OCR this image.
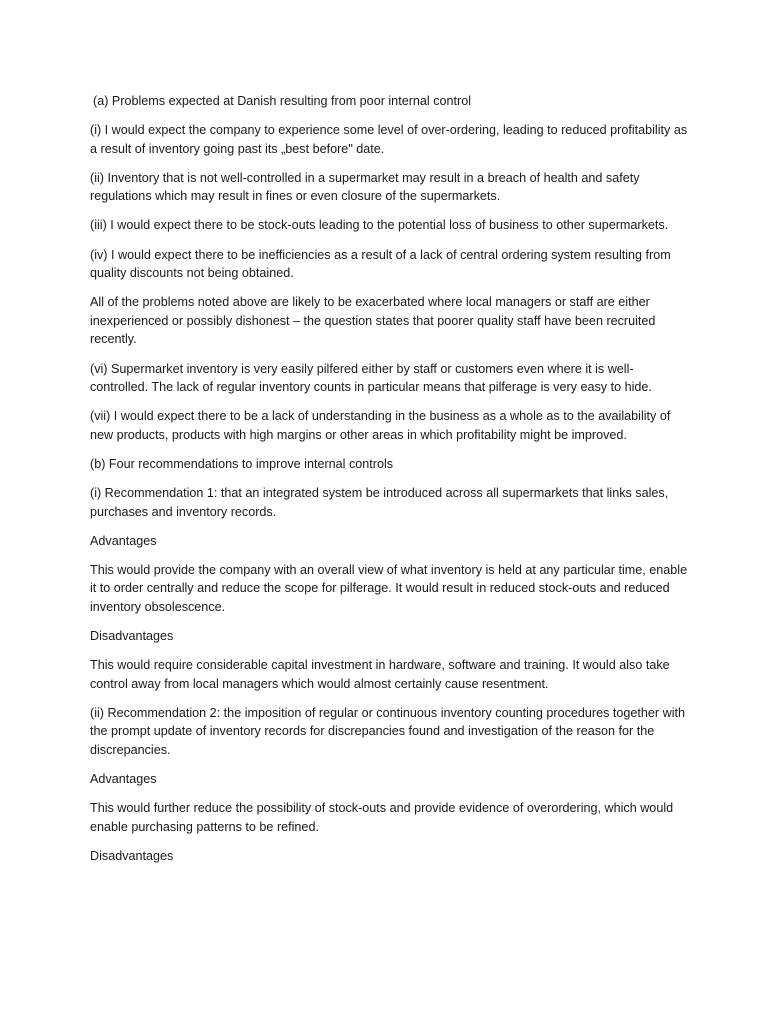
(a) Problems expected at Danish resulting from poor internal control

(i) I would expect the company to experience some level of over-ordering, leading to reduced profitability as a result of inventory going past its „best before" date.

(ii) Inventory that is not well-controlled in a supermarket may result in a breach of health and safety regulations which may result in fines or even closure of the supermarkets.

(iii) I would expect there to be stock-outs leading to the potential loss of business to other supermarkets.

(iv) I would expect there to be inefficiencies as a result of a lack of central ordering system resulting from quality discounts not being obtained.

All of the problems noted above are likely to be exacerbated where local managers or staff are either inexperienced or possibly dishonest – the question states that poorer quality staff have been recruited recently.

(vi) Supermarket inventory is very easily pilfered either by staff or customers even where it is well-controlled. The lack of regular inventory counts in particular means that pilferage is very easy to hide.

(vii) I would expect there to be a lack of understanding in the business as a whole as to the availability of new products, products with high margins or other areas in which profitability might be improved.

(b) Four recommendations to improve internal controls

(i) Recommendation 1: that an integrated system be introduced across all supermarkets that links sales, purchases and inventory records.

Advantages

This would provide the company with an overall view of what inventory is held at any particular time, enable it to order centrally and reduce the scope for pilferage. It would result in reduced stock-outs and reduced inventory obsolescence.

Disadvantages

This would require considerable capital investment in hardware, software and training. It would also take control away from local managers which would almost certainly cause resentment.

(ii) Recommendation 2: the imposition of regular or continuous inventory counting procedures together with the prompt update of inventory records for discrepancies found and investigation of the reason for the discrepancies.

Advantages

This would further reduce the possibility of stock-outs and provide evidence of overordering, which would enable purchasing patterns to be refined.

Disadvantages
